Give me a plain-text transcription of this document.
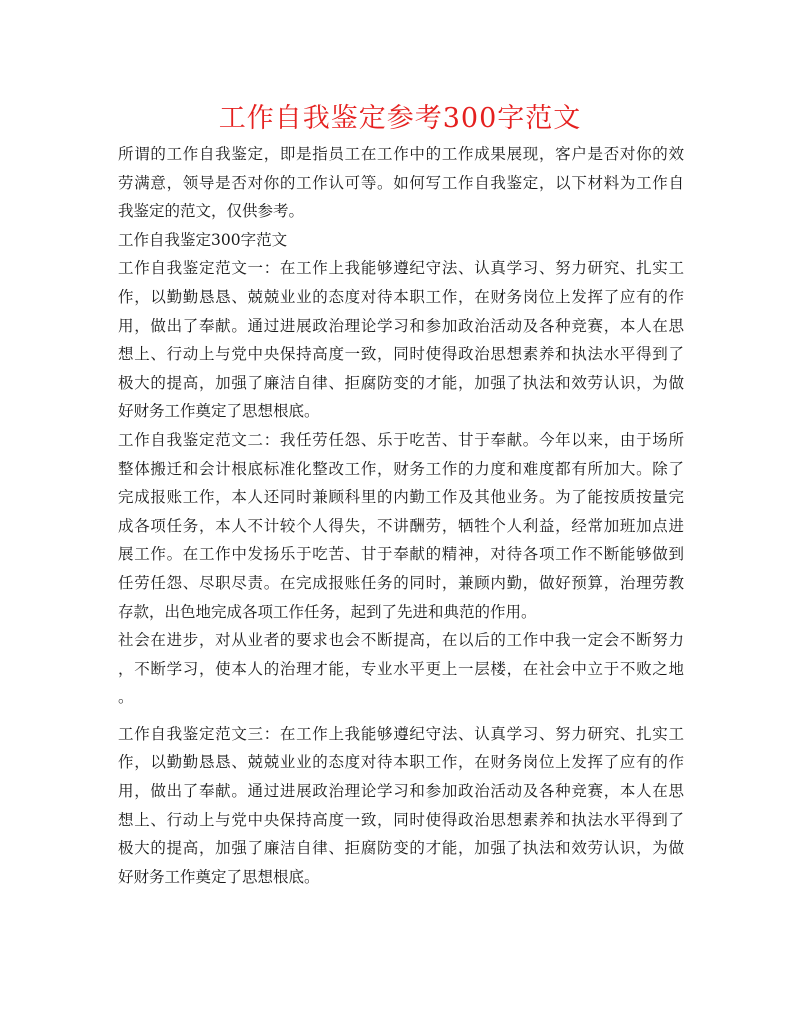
工作自我鉴定参考300字范文
所谓的工作自我鉴定，即是指员工在工作中的工作成果展现，客户是否对你的效
劳满意，领导是否对你的工作认可等。如何写工作自我鉴定，以下材料为工作自
我鉴定的范文，仅供参考。
工作自我鉴定300字范文
工作自我鉴定范文一：在工作上我能够遵纪守法、认真学习、努力研究、扎实工
作，以勤勤恳恳、兢兢业业的态度对待本职工作，在财务岗位上发挥了应有的作
用，做出了奉献。通过进展政治理论学习和参加政治活动及各种竞赛，本人在思
想上、行动上与党中央保持高度一致，同时使得政治思想素养和执法水平得到了
极大的提高，加强了廉洁自律、拒腐防变的才能，加强了执法和效劳认识，为做
好财务工作奠定了思想根底。
工作自我鉴定范文二：我任劳任怨、乐于吃苦、甘于奉献。今年以来，由于场所
整体搬迁和会计根底标准化整改工作，财务工作的力度和难度都有所加大。除了
完成报账工作，本人还同时兼顾科里的内勤工作及其他业务。为了能按质按量完
成各项任务，本人不计较个人得失，不讲酬劳，牺牲个人利益，经常加班加点进
展工作。在工作中发扬乐于吃苦、甘于奉献的精神，对待各项工作不断能够做到
任劳任怨、尽职尽责。在完成报账任务的同时，兼顾内勤，做好预算，治理劳教
存款，出色地完成各项工作任务，起到了先进和典范的作用。
社会在进步，对从业者的要求也会不断提高，在以后的工作中我一定会不断努力
，不断学习，使本人的治理才能，专业水平更上一层楼，在社会中立于不败之地
。
工作自我鉴定范文三：在工作上我能够遵纪守法、认真学习、努力研究、扎实工
作，以勤勤恳恳、兢兢业业的态度对待本职工作，在财务岗位上发挥了应有的作
用，做出了奉献。通过进展政治理论学习和参加政治活动及各种竞赛，本人在思
想上、行动上与党中央保持高度一致，同时使得政治思想素养和执法水平得到了
极大的提高，加强了廉洁自律、拒腐防变的才能，加强了执法和效劳认识，为做
好财务工作奠定了思想根底。
